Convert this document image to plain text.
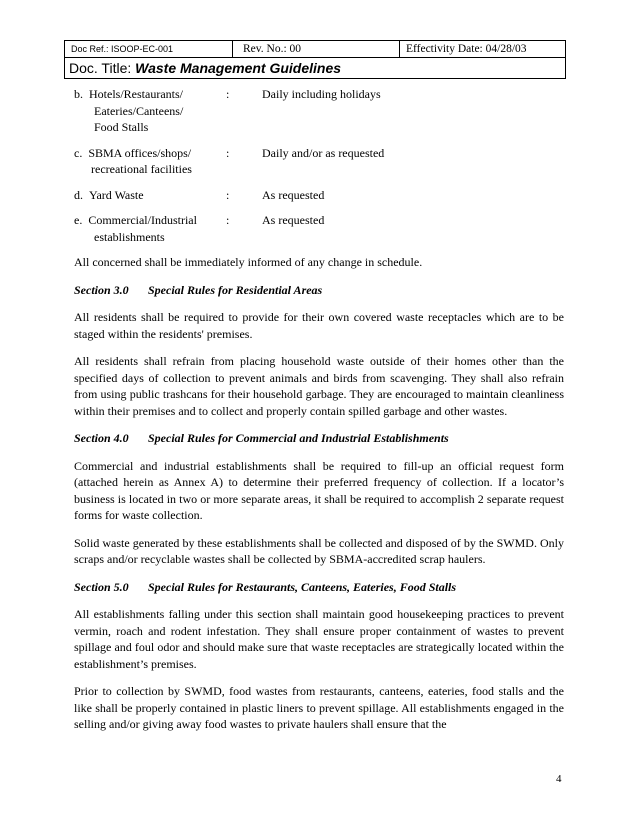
Doc Ref.: ISOOP-EC-001	Rev. No.: 00	Effectivity Date: 04/28/03
Doc. Title: Waste Management Guidelines
b. Hotels/Restaurants/
Eateries/Canteens/
Food Stalls
:	Daily including holidays
c. SBMA offices/shops/
recreational facilities
:	Daily and/or as requested
d. Yard Waste	:	As requested
e. Commercial/Industrial
establishments
:	As requested

All concerned shall be immediately informed of any change in schedule.

Section 3.0 Special Rules for Residential Areas

All residents shall be required to provide for their own covered waste receptacles which are to be staged within the residents' premises.

All residents shall refrain from placing household waste outside of their homes other than the specified days of collection to prevent animals and birds from scavenging. They shall also refrain from using public trashcans for their household garbage. They are encouraged to maintain cleanliness within their premises and to collect and properly contain spilled garbage and other wastes.

Section 4.0 Special Rules for Commercial and Industrial Establishments

Commercial and industrial establishments shall be required to fill-up an official request form (attached herein as Annex A) to determine their preferred frequency of collection. If a locator’s business is located in two or more separate areas, it shall be required to accomplish 2 separate request forms for waste collection.

Solid waste generated by these establishments shall be collected and disposed of by the SWMD. Only scraps and/or recyclable wastes shall be collected by SBMA-accredited scrap haulers.

Section 5.0 Special Rules for Restaurants, Canteens, Eateries, Food Stalls

All establishments falling under this section shall maintain good housekeeping practices to prevent vermin, roach and rodent infestation. They shall ensure proper containment of wastes to prevent spillage and foul odor and should make sure that waste receptacles are strategically located within the establishment’s premises.

Prior to collection by SWMD, food wastes from restaurants, canteens, eateries, food stalls and the like shall be properly contained in plastic liners to prevent spillage. All establishments engaged in the selling and/or giving away food wastes to private haulers shall ensure that the

4
